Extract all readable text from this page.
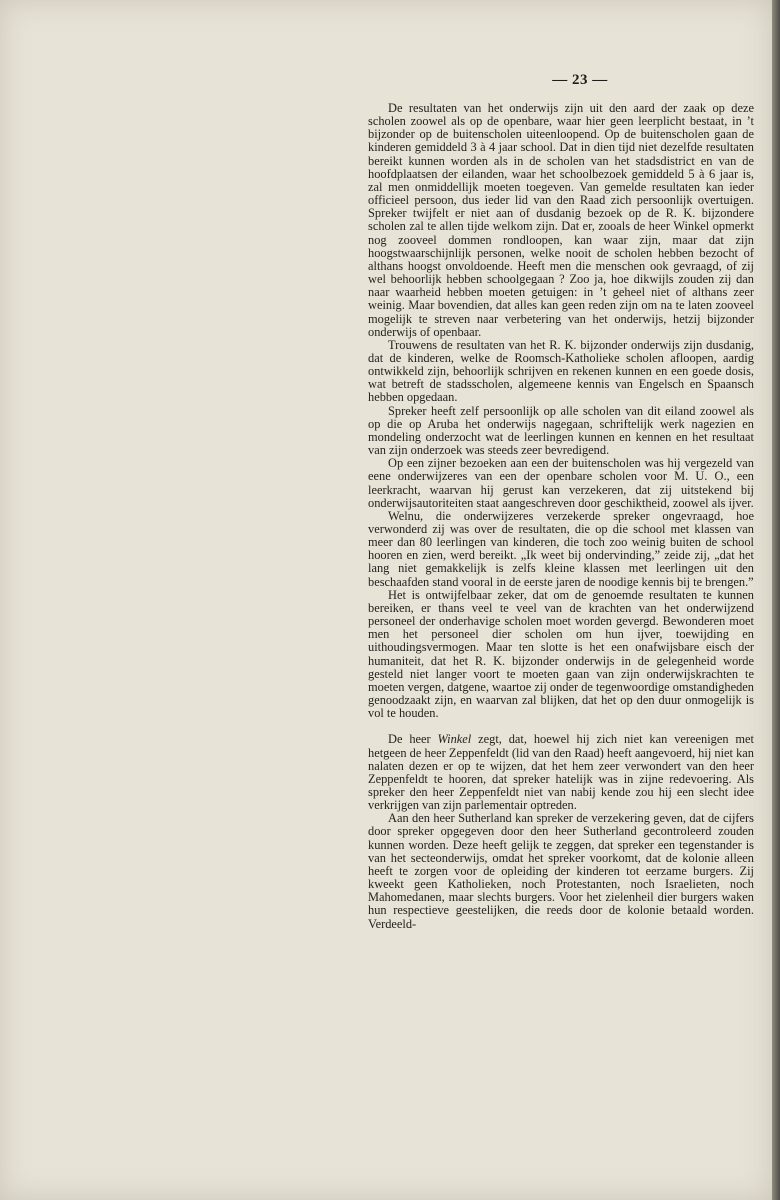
— 23 —

De resultaten van het onderwijs zijn uit den aard der zaak op deze scholen zoowel als op de openbare, waar hier geen leerplicht bestaat, in ’t bijzonder op de buitenscholen uiteenloopend. Op de buitenscholen gaan de kinderen gemiddeld 3 à 4 jaar school. Dat in dien tijd niet dezelfde resultaten bereikt kunnen worden als in de scholen van het stadsdistrict en van de hoofdplaatsen der eilanden, waar het schoolbezoek gemiddeld 5 à 6 jaar is, zal men onmiddellijk moeten toegeven. Van gemelde resultaten kan ieder officieel persoon, dus ieder lid van den Raad zich persoonlijk overtuigen. Spreker twijfelt er niet aan of dusdanig bezoek op de R. K. bijzondere scholen zal te allen tijde welkom zijn. Dat er, zooals de heer Winkel opmerkt nog zooveel dommen rondloopen, kan waar zijn, maar dat zijn hoogstwaarschijnlijk personen, welke nooit de scholen hebben bezocht of althans hoogst onvoldoende. Heeft men die menschen ook gevraagd, of zij wel behoorlijk hebben schoolgegaan ? Zoo ja, hoe dikwijls zouden zij dan naar waarheid hebben moeten getuigen: in ’t geheel niet of althans zeer weinig. Maar bovendien, dat alles kan geen reden zijn om na te laten zooveel mogelijk te streven naar verbetering van het onderwijs, hetzij bijzonder onderwijs of openbaar.

Trouwens de resultaten van het R. K. bijzonder onderwijs zijn dusdanig, dat de kinderen, welke de Roomsch-Katholieke scholen afloopen, aardig ontwikkeld zijn, behoorlijk schrijven en rekenen kunnen en een goede dosis, wat betreft de stadsscholen, algemeene kennis van Engelsch en Spaansch hebben opgedaan.

Spreker heeft zelf persoonlijk op alle scholen van dit eiland zoowel als op die op Aruba het onderwijs nagegaan, schriftelijk werk nagezien en mondeling onderzocht wat de leerlingen kunnen en kennen en het resultaat van zijn onderzoek was steeds zeer bevredigend.

Op een zijner bezoeken aan een der buitenscholen was hij vergezeld van eene onderwijzeres van een der openbare scholen voor M. U. O., een leerkracht, waarvan hij gerust kan verzekeren, dat zij uitstekend bij onderwijsautoriteiten staat aangeschreven door geschiktheid, zoowel als ijver.

Welnu, die onderwijzeres verzekerde spreker ongevraagd, hoe verwonderd zij was over de resultaten, die op die school met klassen van meer dan 80 leerlingen van kinderen, die toch zoo weinig buiten de school hooren en zien, werd bereikt. „Ik weet bij ondervinding,” zeide zij, „dat het lang niet gemakkelijk is zelfs kleine klassen met leerlingen uit den beschaafden stand vooral in de eerste jaren de noodige kennis bij te brengen.”

Het is ontwijfelbaar zeker, dat om de genoemde resultaten te kunnen bereiken, er thans veel te veel van de krachten van het onderwijzend personeel der onderhavige scholen moet worden gevergd. Bewonderen moet men het personeel dier scholen om hun ijver, toewijding en uithoudingsvermogen. Maar ten slotte is het een onafwijsbare eisch der humaniteit, dat het R. K. bijzonder onderwijs in de gelegenheid worde gesteld niet langer voort te moeten gaan van zijn onderwijskrachten te moeten vergen, datgene, waartoe zij onder de tegenwoordige omstandigheden genoodzaakt zijn, en waarvan zal blijken, dat het op den duur onmogelijk is vol te houden.

De heer Winkel zegt, dat, hoewel hij zich niet kan vereenigen met hetgeen de heer Zeppenfeldt (lid van den Raad) heeft aangevoerd, hij niet kan nalaten dezen er op te wijzen, dat het hem zeer verwondert van den heer Zeppenfeldt te hooren, dat spreker hatelijk was in zijne redevoering. Als spreker den heer Zeppenfeldt niet van nabij kende zou hij een slecht idee verkrijgen van zijn parlementair optreden.

Aan den heer Sutherland kan spreker de verzekering geven, dat de cijfers door spreker opgegeven door den heer Sutherland gecontroleerd zouden kunnen worden. Deze heeft gelijk te zeggen, dat spreker een tegenstander is van het secteonderwijs, omdat het spreker voorkomt, dat de kolonie alleen heeft te zorgen voor de opleiding der kinderen tot eerzame burgers. Zij kweekt geen Katholieken, noch Protestanten, noch Israelieten, noch Mahomedanen, maar slechts burgers. Voor het zielenheil dier burgers waken hun respectieve geestelijken, die reeds door de kolonie betaald worden. Verdeeld-
